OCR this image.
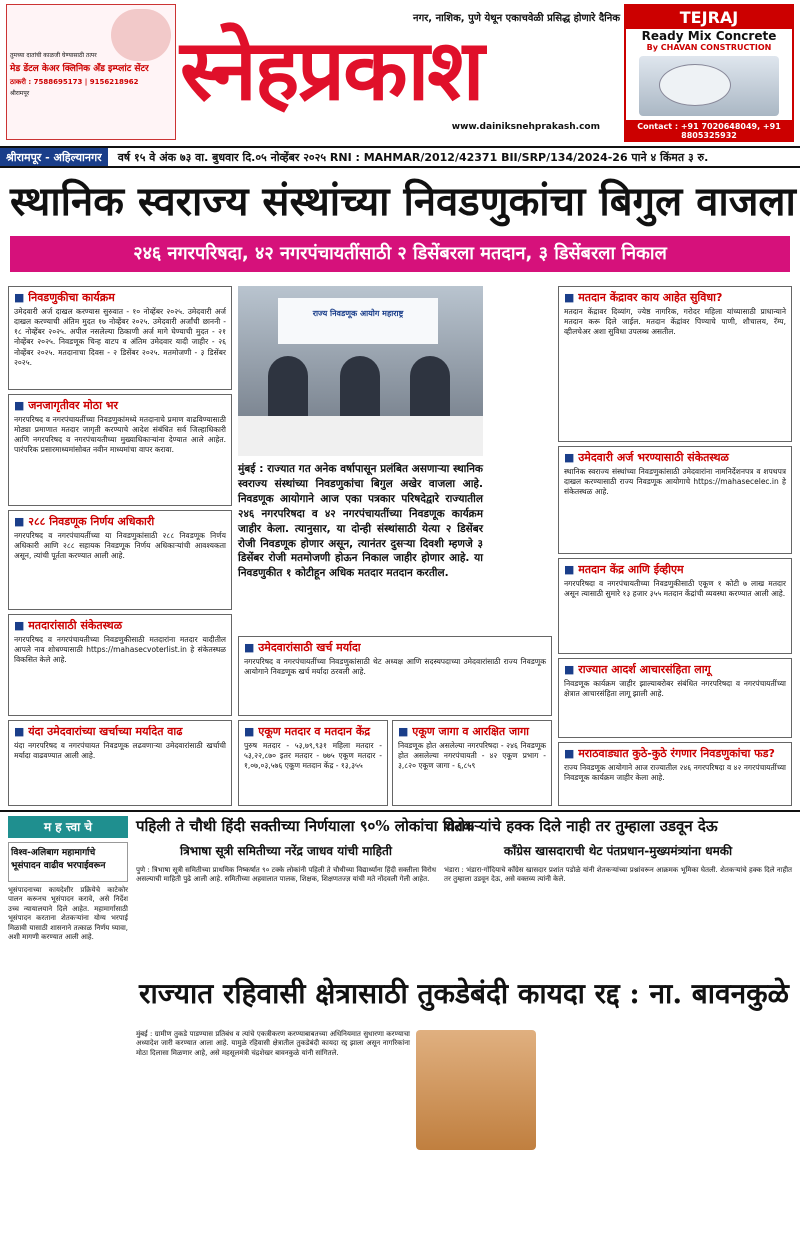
तुमच्या दातांची काळजी घेण्यासाठी तत्पर
मेड डेंटल केअर क्लिनिक अँड इम्प्लांट सेंटर
ठाकरी : 7588695173 | 9156218962
श्रीरामपूर
TEJRAJ
Ready Mix Concrete
By CHAVAN CONSTRUCTION
Contact : +91 7020648049, +91 8805325932
नगर, नाशिक, पुणे येथून एकाचवेळी प्रसिद्ध होणारे दैनिक
स्नेहप्रकाश
www.dainiksnehprakash.com
श्रीरामपूर - अहिल्यानगर	वर्ष १५ वे अंक ७३ वा. बुधवार दि.०५ नोव्हेंबर २०२५ RNI : MAHMAR/2012/42371 BII/SRP/134/2024-26 पाने ४ किंमत ३ रु.
स्थानिक स्वराज्य संस्थांच्या निवडणुकांचा बिगुल वाजला
२४६ नगरपरिषदा, ४२ नगरपंचायतींसाठी २ डिसेंबरला मतदान, ३ डिसेंबरला निकाल
■ निवडणुकीचा कार्यक्रम

उमेदवारी अर्ज दाखल करण्यास सुरुवात - १० नोव्हेंबर २०२५. उमेदवारी अर्ज दाखल करण्याची अंतिम मुदत १७ नोव्हेंबर २०२५. उमेदवारी अर्जांची छाननी - १८ नोव्हेंबर २०२५. अपील नसलेल्या ठिकाणी अर्ज मागे घेण्याची मुदत - २१ नोव्हेंबर २०२५. निवडणूक चिन्ह वाटप व अंतिम उमेदवार यादी जाहीर - २६ नोव्हेंबर २०२५. मतदानाचा दिवस - २ डिसेंबर २०२५. मतमोजणी - ३ डिसेंबर २०२५.

■ जनजागृतीवर मोठा भर

नगरपरिषद व नगरपंचायतींच्या निवडणुकांमध्ये मतदानाचे प्रमाण वाढविण्यासाठी मोठ्या प्रमाणात मतदार जागृती करण्याचे आदेश संबंधित सर्व जिल्हाधिकारी आणि नगरपरिषद व नगरपंचायतीच्या मुख्याधिकाऱ्यांना देण्यात आले आहेत. पारंपरिक प्रसारमाध्यमांसोबत नवीन माध्यमांचा वापर करावा.

■ २८८ निवडणूक निर्णय अधिकारी

नगरपरिषद व नगरपंचायतींच्या या निवडणुकांसाठी २८८ निवडणूक निर्णय अधिकारी आणि २८८ सहायक निवडणूक निर्णय अधिकाऱ्यांची आवश्यकता असून, त्यांची पूर्तता करण्यात आली आहे.

■ मतदारांसाठी संकेतस्थळ

नगरपरिषद व नगरपंचायतीच्या निवडणुकीसाठी मतदारांना मतदार यादीतील आपले नाव शोधण्यासाठी https://mahasecvoterlist.in हे संकेतस्थळ विकसित केले आहे.

■ यंदा उमेदवारांच्या खर्चाच्या मर्यादेत वाढ

यंदा नगरपरिषद व नगरपंचायत निवडणूक लढवणाऱ्या उमेदवारांसाठी खर्चाची मर्यादा वाढवण्यात आली आहे.

राज्य निवडणूक आयोग महाराष्ट्र
मुंबई : राज्यात गत अनेक वर्षापासून प्रलंबित असणाऱ्या स्थानिक स्वराज्य संस्थांच्या निवडणुकांचा बिगुल अखेर वाजला आहे. निवडणूक आयोगाने आज एका पत्रकार परिषदेद्वारे राज्यातील २४६ नगरपरिषदा व ४२ नगरपंचायतींच्या निवडणूक कार्यक्रम जाहीर केला. त्यानुसार, या दोन्ही संस्थांसाठी येत्या २ डिसेंबर रोजी निवडणूक होणार असून, त्यानंतर दुसऱ्या दिवशी म्हणजे ३ डिसेंबर रोजी मतमोजणी होऊन निकाल जाहीर होणार आहे. या निवडणुकीत १ कोटीहून अधिक मतदार मतदान करतील.
■ उमेदवारांसाठी खर्च मर्यादा

नगरपरिषद व नगरपंचायतींच्या निवडणुकांसाठी थेट अध्यक्ष आणि सदस्यपदाच्या उमेदवारांसाठी राज्य निवडणूक आयोगाने निवडणूक खर्च मर्यादा ठरवली आहे.

■ एकूण मतदार व मतदान केंद्र

पुरुष मतदार - ५३,७९,९३१ महिला मतदार - ५३,२२,८७० इतर मतदार - ७७५ एकूण मतदार - १,०७,०३,५७६ एकूण मतदान केंद्र - १३,३५५

■ एकूण जागा व आरक्षित जागा

निवडणूक होत असलेल्या नगरपरिषदा - २४६ निवडणूक होत असलेल्या नगरपंचायती - ४२ एकूण प्रभाग - ३,८२० एकूण जागा - ६,८५९

■ मतदान केंद्रावर काय आहेत सुविधा?

मतदान केंद्रावर दिव्यांग, ज्येष्ठ नागरिक, गरोदर महिला यांच्यासाठी प्राधान्याने मतदान करू दिले जाईल. मतदान केंद्रांवर पिण्याचे पाणी, शौचालय, रॅम्प, व्हीलचेअर अशा सुविधा उपलब्ध असतील.

■ उमेदवारी अर्ज भरण्यासाठी संकेतस्थळ

स्थानिक स्वराज्य संस्थांच्या निवडणुकांसाठी उमेदवारांना नामनिर्देशनपत्र व शपथपत्र दाखल करण्यासाठी राज्य निवडणूक आयोगाचे https://mahasecelec.in हे संकेतस्थळ आहे.

■ मतदान केंद्र आणि ईव्हीएम

नगरपरिषदा व नगरपंचायतीच्या निवडणुकीसाठी एकूण १ कोटी ७ लाख मतदार असून त्यासाठी सुमारे १३ हजार ३५५ मतदान केंद्रांची व्यवस्था करण्यात आली आहे.

■ राज्यात आदर्श आचारसंहिता लागू

निवडणूक कार्यक्रम जाहीर झाल्याबरोबर संबंधित नगरपरिषदा व नगरपंचायतींच्या क्षेत्रात आचारसंहिता लागू झाली आहे.

■ मराठवाड्यात कुठे-कुठे रंगणार निवडणुकांचा फड?

राज्य निवडणूक आयोगाने आज राज्यातील २४६ नगरपरिषदा व ४२ नगरपंचायतींच्या निवडणूक कार्यक्रम जाहीर केला आहे.

म ह त्त्वा चे
विश्व-अलिबाग महामार्गाचे भूसंपादन वाढीव भरपाईवरून
भूसंपादनाच्या कायदेशीर प्रक्रियेचे काटेकोर पालन करूनच भूसंपादन करावे, असे निर्देश उच्च न्यायालयाने दिले आहेत. महामार्गासाठी भूसंपादन करताना शेतकऱ्यांना योग्य भरपाई मिळावी यासाठी शासनाने तत्काळ निर्णय घ्यावा, अशी मागणी करण्यात आली आहे.
पहिली ते चौथी हिंदी सक्तीच्या निर्णयाला ९०% लोकांचा विरोध
त्रिभाषा सूत्री समितीच्या नरेंद्र जाधव यांची माहिती
पुणे : त्रिभाषा सूत्री समितीच्या प्राथमिक निष्कर्षात ९० टक्के लोकांनी पहिली ते चौथीच्या विद्यार्थ्यांना हिंदी सक्तीला विरोध असल्याची माहिती पुढे आली आहे. समितीच्या अहवालात पालक, शिक्षक, शिक्षणतज्ज्ञ यांची मते नोंदवली गेली आहेत.
शेतकऱ्यांचे हक्क दिले नाही तर तुम्हाला उडवून देऊ
काँग्रेस खासदाराची थेट पंतप्रधान-मुख्यमंत्र्यांना धमकी
भंडारा : भंडारा-गोंदियाचे काँग्रेस खासदार प्रशांत पडोळे यांनी शेतकऱ्यांच्या प्रश्नांवरून आक्रमक भूमिका घेतली. शेतकऱ्यांचे हक्क दिले नाहीत तर तुम्हाला उडवून देऊ, असे वक्तव्य त्यांनी केले.
राज्यात रहिवासी क्षेत्रासाठी तुकडेबंदी कायदा रद्द : ना. बावनकुळे
मुंबई : ग्रामीण तुकडे पाडण्यास प्रतिबंध व त्यांचे एकत्रीकरण करण्याबाबतच्या अधिनियमात सुधारणा करण्याचा अध्यादेश जारी करण्यात आला आहे. यामुळे रहिवासी क्षेत्रातील तुकडेबंदी कायदा रद्द झाला असून नागरिकांना मोठा दिलासा मिळणार आहे, असे महसूलमंत्री चंद्रशेखर बावनकुळे यांनी सांगितले.
